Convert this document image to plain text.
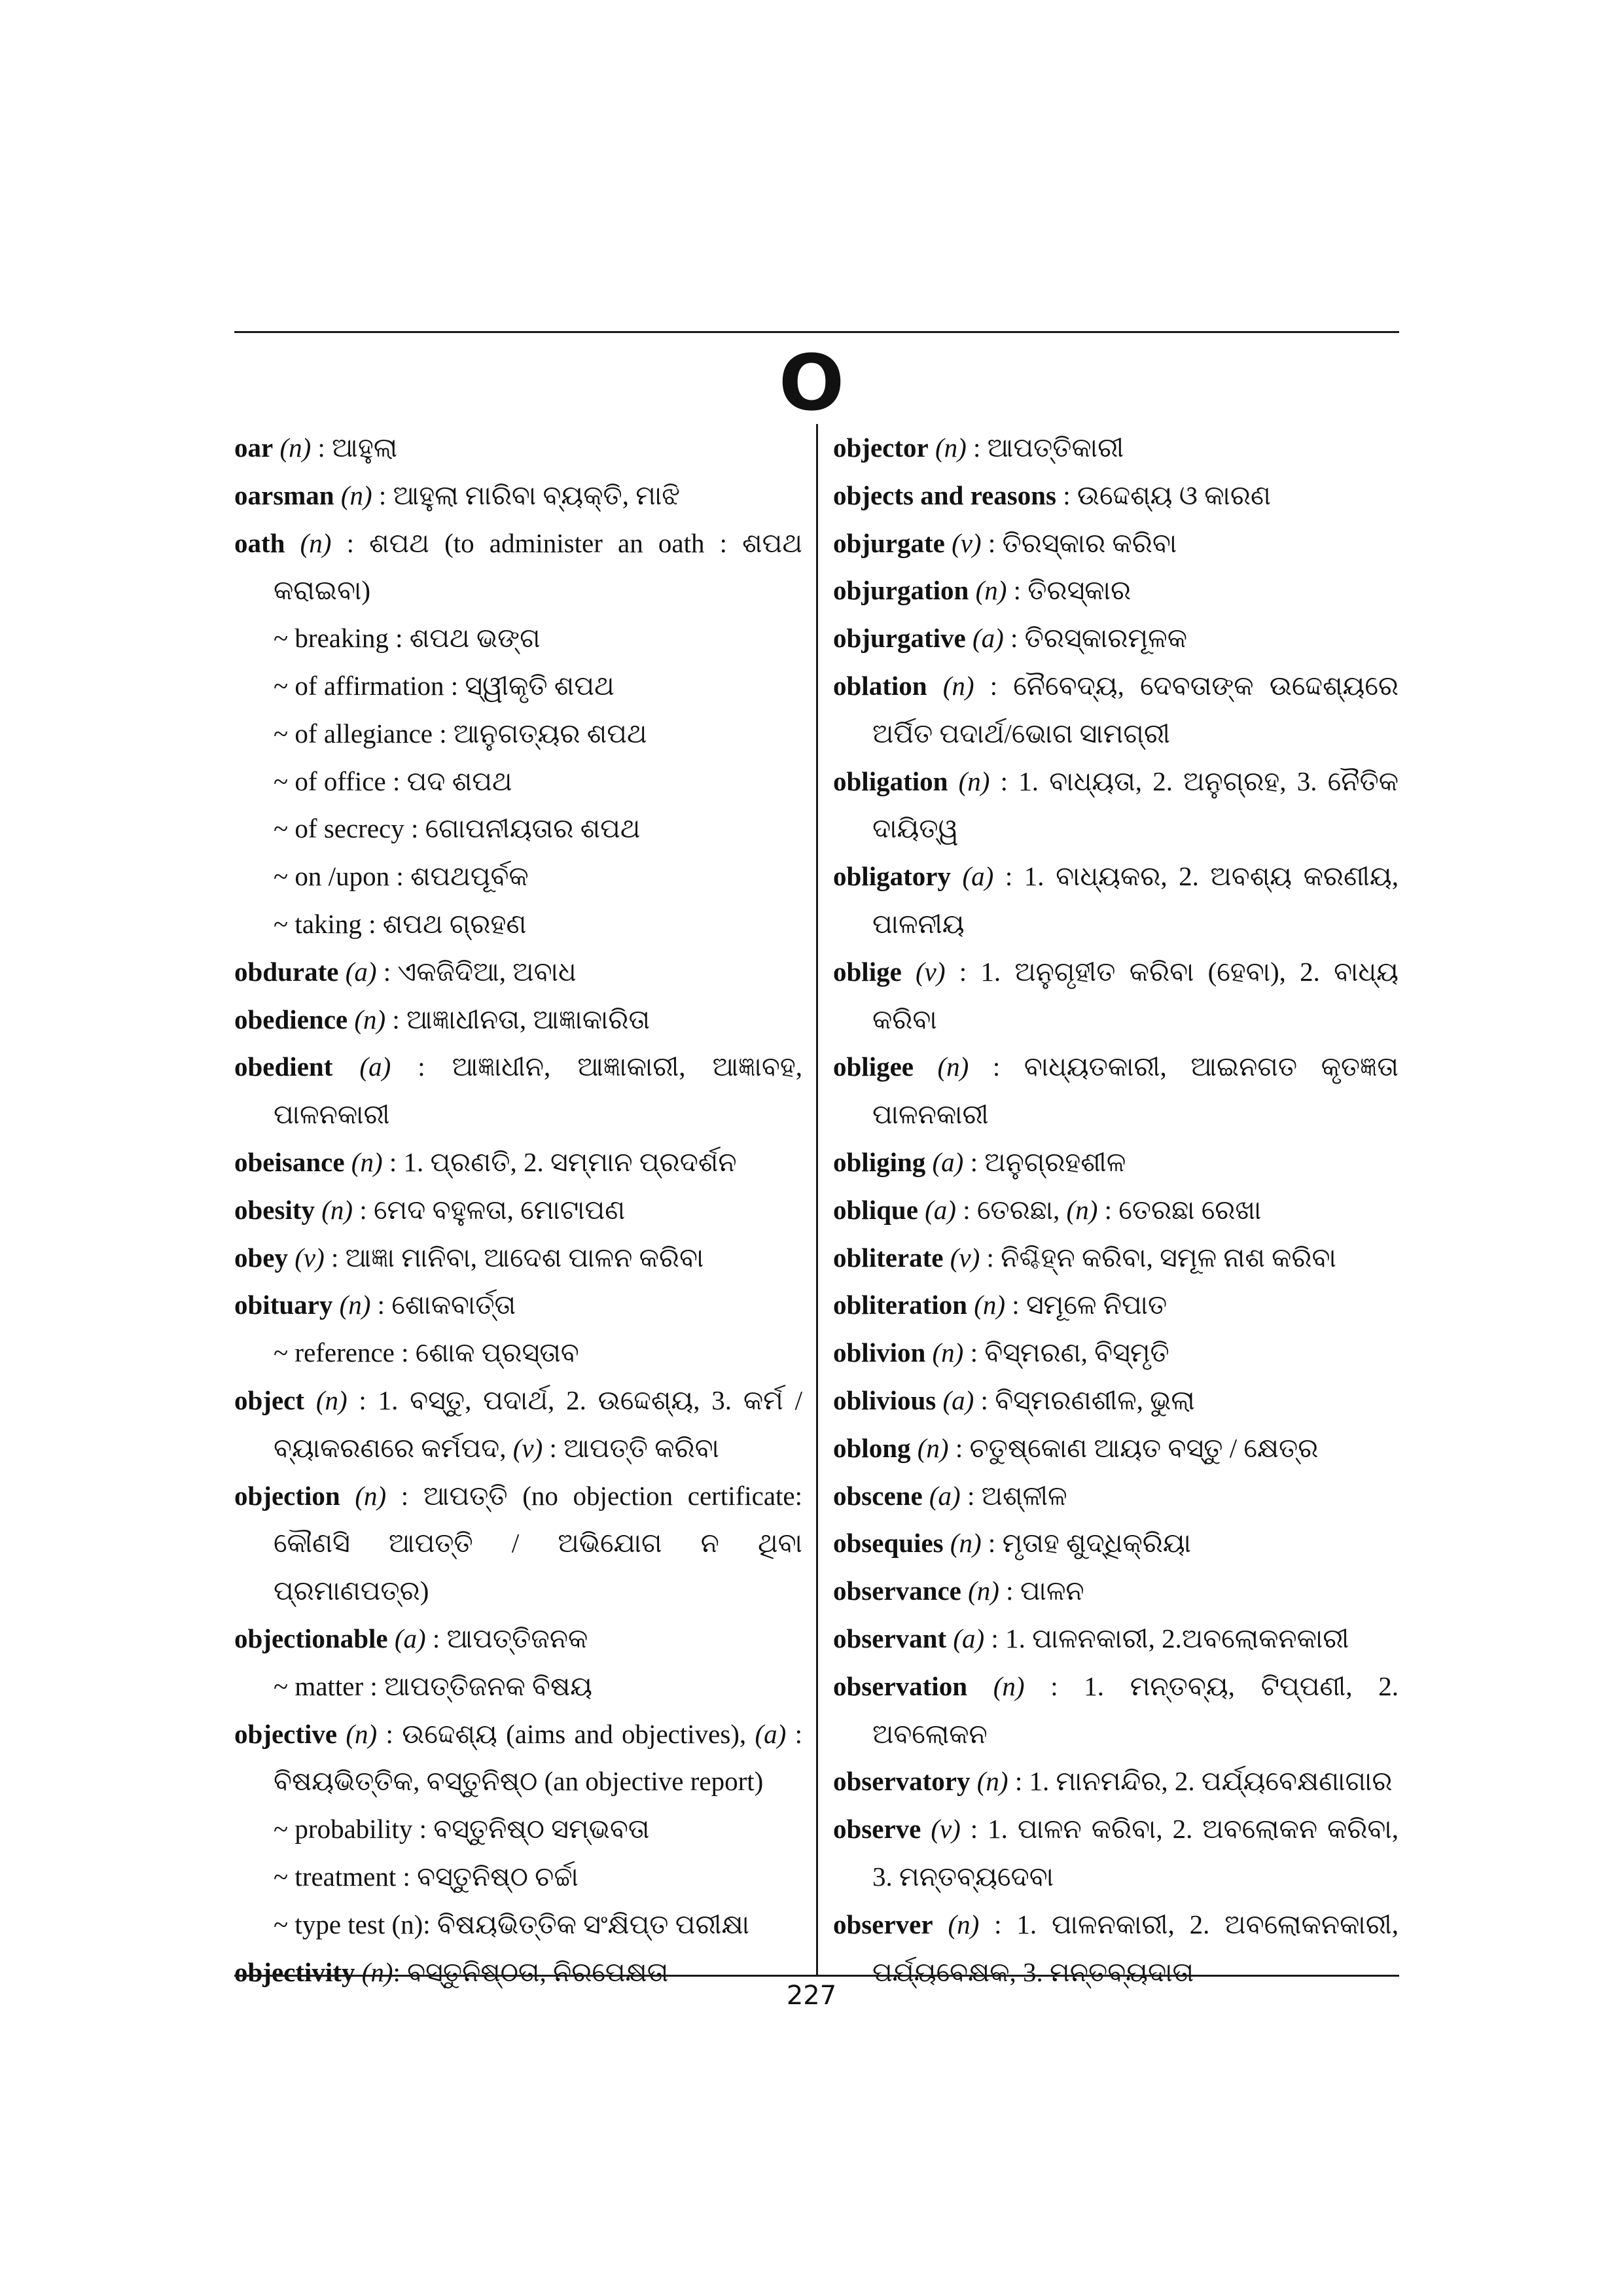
O

oar (n) : ଆହୁଲା

oarsman (n) : ଆହୁଲା ମାରିବା ବ୍ୟକ୍ତି, ମାଝି

oath (n) : ଶପଥ (to administer an oath : ଶପଥ କରାଇବା)

~ breaking : ଶପଥ ଭଙ୍ଗ

~ of affirmation : ସ୍ୱୀକୃତି ଶପଥ

~ of allegiance : ଆନୁଗତ୍ୟର ଶପଥ

~ of office : ପଦ ଶପଥ

~ of secrecy : ଗୋପନୀୟତାର ଶପଥ

~ on /upon : ଶପଥପୂର୍ବକ

~ taking : ଶପଥ ଗ୍ରହଣ

obdurate (a) : ଏକଜିଦିଆ, ଅବାଧ

obedience (n) : ଆଜ୍ଞାଧୀନତା, ଆଜ୍ଞାକାରିତା

obedient (a) : ଆଜ୍ଞାଧୀନ, ଆଜ୍ଞାକାରୀ, ଆଜ୍ଞାବହ, ପାଳନକାରୀ

obeisance (n) : 1. ପ୍ରଣତି, 2. ସମ୍ମାନ ପ୍ରଦର୍ଶନ

obesity (n) : ମେଦ ବହୁଳତା, ମୋଟାପଣ

obey (v) : ଆଜ୍ଞା ମାନିବା, ଆଦେଶ ପାଳନ କରିବା

obituary (n) : ଶୋକବାର୍ତ୍ତା

~ reference : ଶୋକ ପ୍ରସ୍ତାବ

object (n) : 1. ବସ୍ତୁ, ପଦାର୍ଥ, 2. ଉଦ୍ଦେଶ୍ୟ, 3. କର୍ମ / ବ୍ୟାକରଣରେ କର୍ମପଦ, (v) : ଆପତ୍ତି କରିବା

objection (n) : ଆପତ୍ତି (no objection certificate: କୌଣସି ଆପତ୍ତି / ଅଭିଯୋଗ ନ ଥିବା ପ୍ରମାଣପତ୍ର)

objectionable (a) : ଆପତ୍ତିଜନକ

~ matter : ଆପତ୍ତିଜନକ ବିଷୟ

objective (n) : ଉଦ୍ଦେଶ୍ୟ (aims and objectives), (a) : ବିଷୟଭିତ୍ତିକ, ବସ୍ତୁନିଷ୍ଠ (an objective report)

~ probability : ବସ୍ତୁନିଷ୍ଠ ସମ୍ଭବତା

~ treatment : ବସ୍ତୁନିଷ୍ଠ ଚର୍ଚ୍ଚା

~ type test (n): ବିଷୟଭିତ୍ତିକ ସଂକ୍ଷିପ୍ତ ପରୀକ୍ଷା

objectivity (n): ବସ୍ତୁନିଷ୍ଠତା, ନିରପେକ୍ଷତା

objector (n) : ଆପତ୍ତିକାରୀ

objects and reasons : ଉଦ୍ଦେଶ୍ୟ ଓ କାରଣ

objurgate (v) : ତିରସ୍କାର କରିବା

objurgation (n) : ତିରସ୍କାର

objurgative (a) : ତିରସ୍କାରମୂଳକ

oblation (n) : ନୈବେଦ୍ୟ, ଦେବତାଙ୍କ ଉଦ୍ଦେଶ୍ୟରେ ଅର୍ପିତ ପଦାର୍ଥ/ଭୋଗ ସାମଗ୍ରୀ

obligation (n) : 1. ବାଧ୍ୟତା, 2. ଅନୁଗ୍ରହ, 3. ନୈତିକ ଦାୟିତ୍ୱ

obligatory (a) : 1. ବାଧ୍ୟକର, 2. ଅବଶ୍ୟ କରଣୀୟ, ପାଳନୀୟ

oblige (v) : 1. ଅନୁଗୃହୀତ କରିବା (ହେବା), 2. ବାଧ୍ୟ କରିବା

obligee (n) : ବାଧ୍ୟତକାରୀ, ଆଇନଗତ କୃତଜ୍ଞତା ପାଳନକାରୀ

obliging (a) : ଅନୁଗ୍ରହଶୀଳ

oblique (a) : ତେରଛା, (n) : ତେରଛା ରେଖା

obliterate (v) : ନିଶ୍ଚିହ୍ନ କରିବା, ସମୂଳ ନାଶ କରିବା

obliteration (n) : ସମୂଳେ ନିପାତ

oblivion (n) : ବିସ୍ମରଣ, ବିସ୍ମୃତି

oblivious (a) : ବିସ୍ମରଣଶୀଳ, ଭୁଲା

oblong (n) : ଚତୁଷ୍କୋଣ ଆୟତ ବସ୍ତୁ / କ୍ଷେତ୍ର

obscene (a) : ଅଶ୍ଳୀଳ

obsequies (n) : ମୃତାହ ଶୁଦ୍ଧିକ୍ରିୟା

observance (n) : ପାଳନ

observant (a) : 1. ପାଳନକାରୀ, 2.ଅବଲୋକନକାରୀ

observation (n) : 1. ମନ୍ତବ୍ୟ, ଟିପ୍ପଣୀ, 2. ଅବଲୋକନ

observatory (n) : 1. ମାନମନ୍ଦିର, 2. ପର୍ଯ୍ୟବେକ୍ଷଣାଗାର

observe (v) : 1. ପାଳନ କରିବା, 2. ଅବଲୋକନ କରିବା, 3. ମନ୍ତବ୍ୟଦେବା

observer (n) : 1. ପାଳନକାରୀ, 2. ଅବଲୋକନକାରୀ, ପର୍ଯ୍ୟବେକ୍ଷକ, 3. ମନ୍ତବ୍ୟଦାତା

227
